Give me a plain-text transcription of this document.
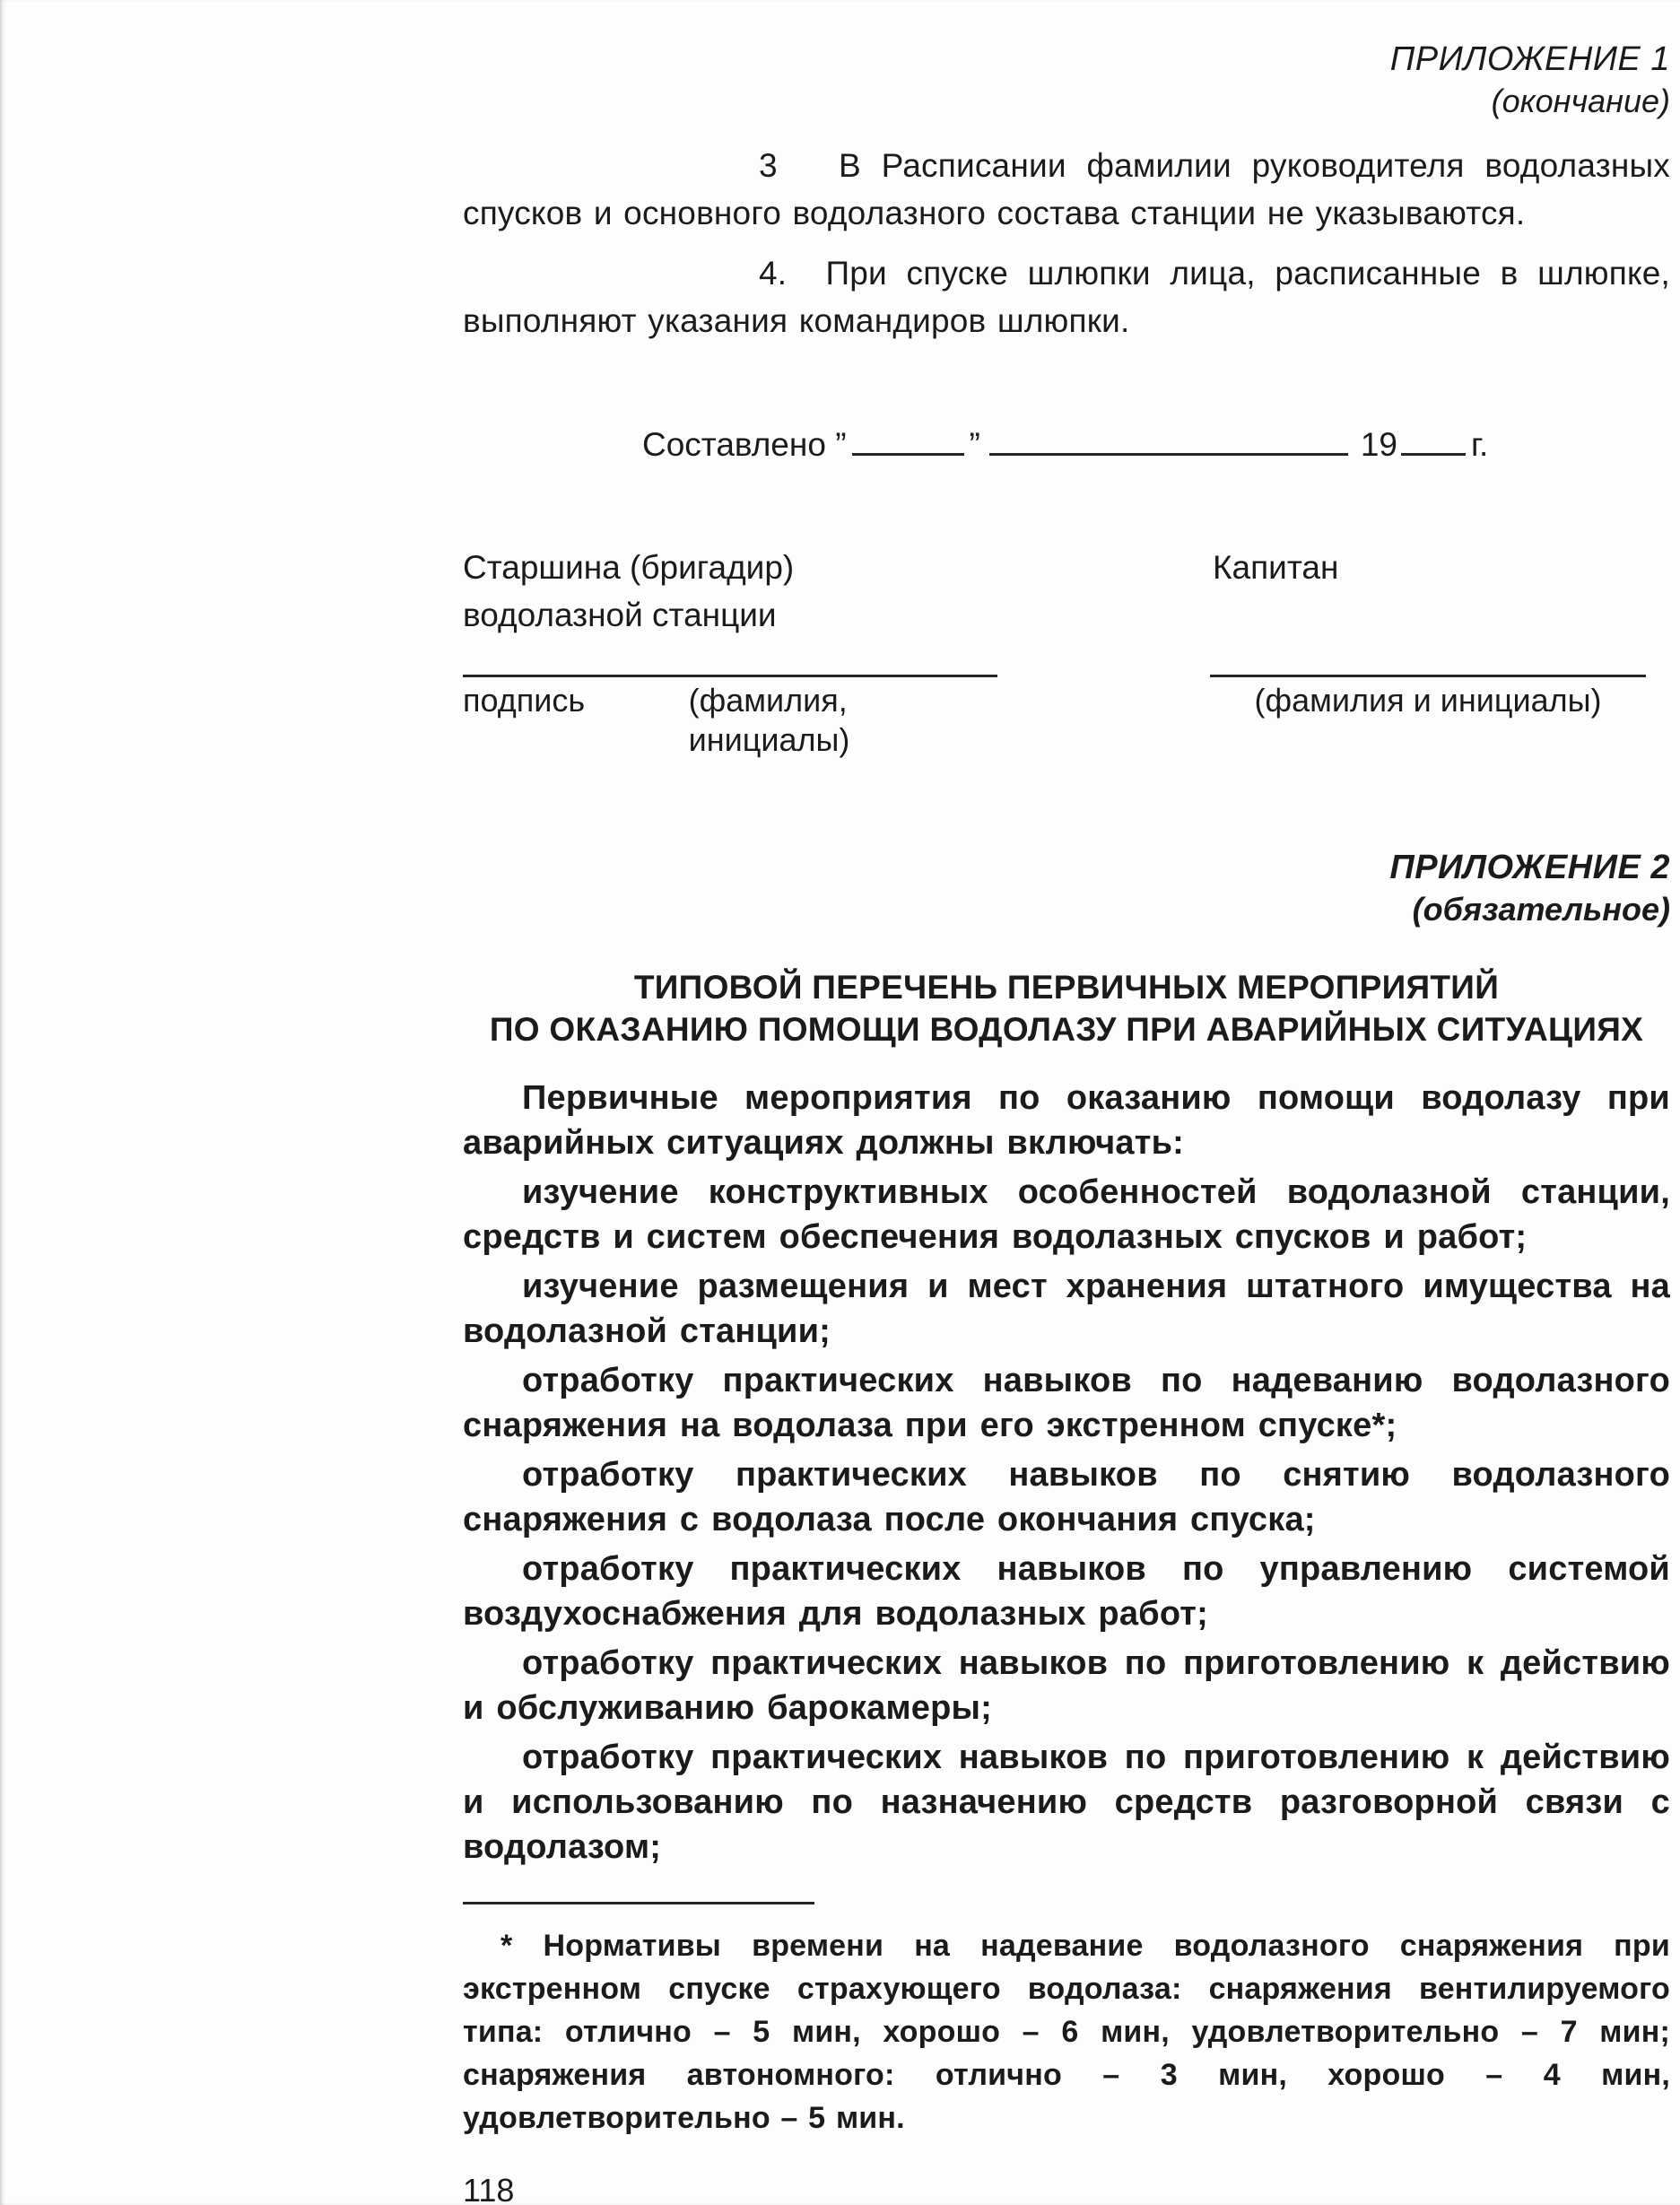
ПРИЛОЖЕНИЕ 1
(окончание)

3   В Расписании фамилии руководителя водолазных спусков и основного водолазного состава станции не указываются.

4.  При спуске шлюпки лица, расписанные в шлюпке, выполняют указания командиров шлюпки.

Составлено ”	”	19 г.
Старшина (бригадир)
водолазной станции
Капитан
подпись	(фамилия, инициалы)
(фамилия и инициалы)
ПРИЛОЖЕНИЕ 2
(обязательное)
ТИПОВОЙ ПЕРЕЧЕНЬ ПЕРВИЧНЫХ МЕРОПРИЯТИЙ
ПО ОКАЗАНИЮ ПОМОЩИ ВОДОЛАЗУ ПРИ АВАРИЙНЫХ СИТУАЦИЯХ

Первичные мероприятия по оказанию помощи водолазу при аварийных ситуациях должны включать:

изучение конструктивных особенностей водолазной станции, средств и систем обеспечения водолазных спусков и работ;

изучение размещения и мест хранения штатного имущества на водолазной станции;

отработку практических навыков по надеванию водолазного снаряжения на водолаза при его экстренном спуске*;

отработку практических навыков по снятию водолазного снаряжения с водолаза после окончания спуска;

отработку практических навыков по управлению системой воздухоснабжения для водолазных работ;

отработку практических навыков по приготовлению к действию и обслуживанию барокамеры;

отработку практических навыков по приготовлению к действию и использованию по назначению средств разговорной связи с водолазом;

* Нормативы времени на надевание водолазного снаряжения при экстренном спуске страхующего водолаза: снаряжения вентилируемого типа: отлично – 5 мин, хорошо – 6 мин, удовлетворительно – 7 мин; снаряжения автономного: отлично – 3 мин, хорошо – 4 мин, удовлетворительно – 5 мин.

118
